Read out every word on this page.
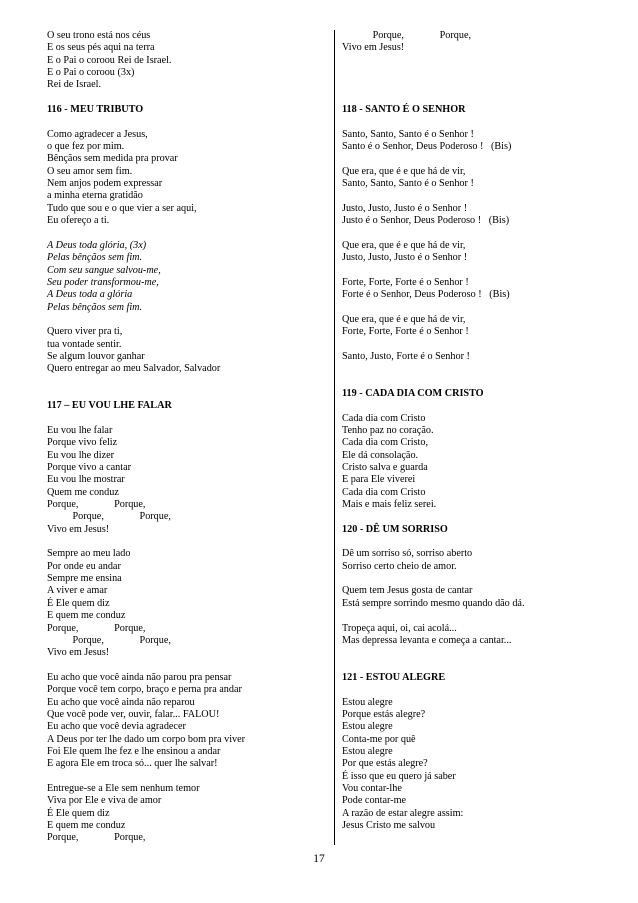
O seu trono está nos céus
E os seus pés aqui na terra
E o Pai o coroou Rei de Israel.
E o Pai o coroou (3x)
Rei de Israel.
116 - MEU TRIBUTO
Como agradecer a Jesus,
o que fez por mim.
Bênçãos sem medida pra provar
O seu amor sem fim.
Nem anjos podem expressar
a minha eterna gratidão
Tudo que sou e o que vier a ser aqui,
Eu ofereço a ti.
A Deus toda glória, (3x)
Pelas bênçãos sem fim.
Com seu sangue salvou-me,
Seu poder transformou-me,
A Deus toda a glória
Pelas bênçãos sem fim.
Quero viver pra ti,
tua vontade sentir.
Se algum louvor ganhar
Quero entregar ao meu Salvador, Salvador
117 – EU VOU LHE FALAR
Eu vou lhe falar
Porque vivo feliz
Eu vou lhe dizer
Porque vivo a cantar
Eu vou lhe mostrar
Quem me conduz
Porque,              Porque,
Porque,              Porque,
Vivo em Jesus!
Sempre ao meu lado
Por onde eu andar
Sempre me ensina
A viver e amar
É Ele quem diz
E quem me conduz
Porque,              Porque,
Porque,              Porque,
Vivo em Jesus!
Eu acho que você ainda não parou pra pensar
Porque você tem corpo, braço e perna pra andar
Eu acho que você ainda não reparou
Que você pode ver, ouvir, falar... FALOU!
Eu acho que você devia agradecer
A Deus por ter lhe dado um corpo bom pra viver
Foi Ele quem lhe fez e lhe ensinou a andar
E agora Ele em troca só... quer lhe salvar!
Entregue-se a Ele sem nenhum temor
Viva por Ele e viva de amor
É Ele quem diz
E quem me conduz
Porque,              Porque,
Porque,              Porque,
Vivo em Jesus!
118 - SANTO É O SENHOR
Santo, Santo, Santo é o Senhor !
Santo é o Senhor, Deus Poderoso !   (Bis)
Que era, que é e que há de vir,
Santo, Santo, Santo é o Senhor !
Justo, Justo, Justo é o Senhor !
Justo é o Senhor, Deus Poderoso !   (Bis)
Que era, que é e que há de vir,
Justo, Justo, Justo é o Senhor !
Forte, Forte, Forte é o Senhor !
Forte é o Senhor, Deus Poderoso !   (Bis)
Que era, que é e que há de vir,
Forte, Forte, Forte é o Senhor !
Santo, Justo, Forte é o Senhor !
119 - CADA DIA COM CRISTO
Cada dia com Cristo
Tenho paz no coração.
Cada dia com Cristo,
Ele dá consolação.
Cristo salva e guarda
E para Ele viverei
Cada dia com Cristo
Mais e mais feliz serei.
120 - DÊ UM SORRISO
Dê um sorriso só, sorriso aberto
Sorriso certo cheio de amor.
Quem tem Jesus gosta de cantar
Está sempre sorrindo mesmo quando dão dá.
Tropeça aqui, oi, cai acolá...
Mas depressa levanta e começa a cantar...
121 - ESTOU ALEGRE
Estou alegre
Porque estás alegre?
Estou alegre
Conta-me por quê
Estou alegre
Por que estás alegre?
É isso que eu quero já saber
Vou contar-lhe
Pode contar-me
A razão de estar alegre assim:
Jesus Cristo me salvou
17
